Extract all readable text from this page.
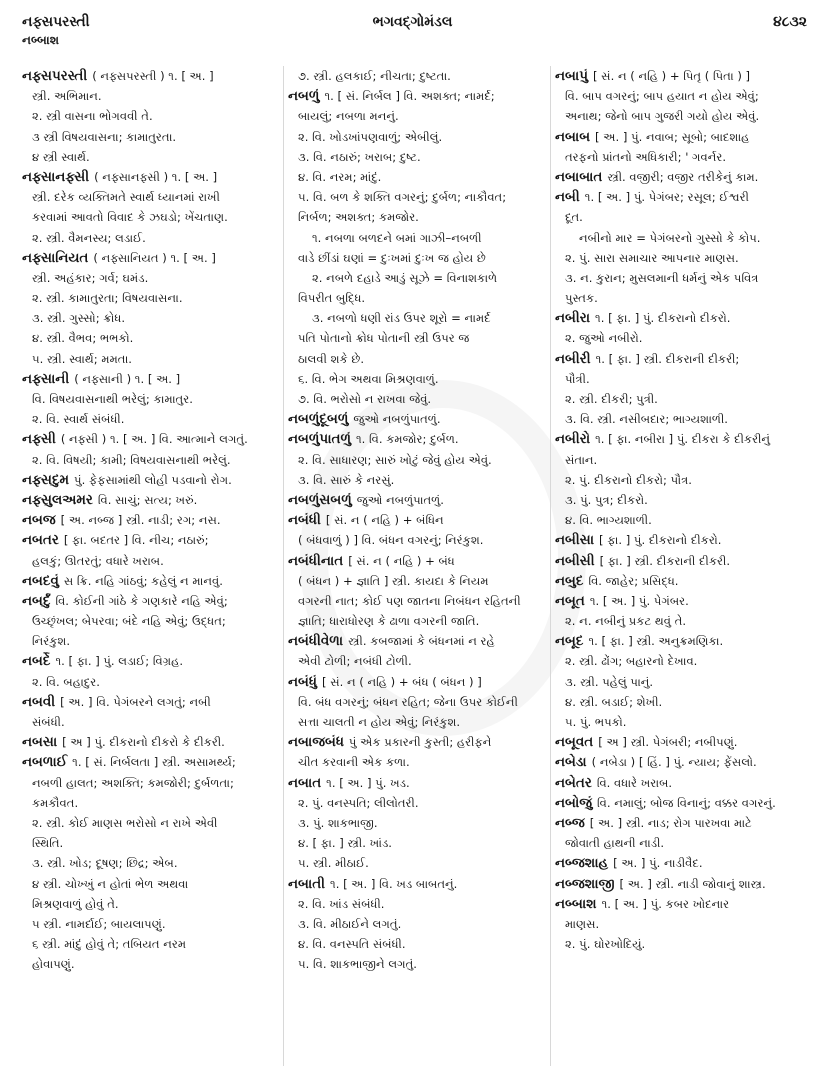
નફ્સપરસ્તી
નબ્બાશ
ભગવદ્ગોમંડલ	૪૮૩૨
નફ્સપરસ્તી ( નફ્સપરસ્તી ) ૧. [ અ. ]
સ્ત્રી. અભિમાન.
૨. સ્ત્રી વાસના ભોગવવી તે.
૩ સ્ત્રી વિષયવાસના; કામાતુરતા.
૪ સ્ત્રી સ્વાર્થ.
નફ્સાનફ્સી ( નફ્સાનફ્સી ) ૧. [ અ. ]
સ્ત્રી. દરેક વ્યક્તિમતે સ્વાર્થ ધ્યાનમાં રાખી
કરવામાં આવતો વિવાદ કે ઝઘડો; ખેંચતાણ.
૨. સ્ત્રી. વૈમનસ્ય; લડાઈ.
નફ્સાનિયત ( નફ્સાનિયત ) ૧. [ અ. ]
સ્ત્રી. અહંકાર; ગર્વ; ઘમંડ.
૨. સ્ત્રી. કામાતુરતા; વિષયવાસના.
૩. સ્ત્રી. ગુસ્સો; ક્રોધ.
૪. સ્ત્રી. વૈભવ; ભભકો.
૫. સ્ત્રી. સ્વાર્થ; મમતા.
નફ્સાની ( નફ્સાની ) ૧. [ અ. ]
વિ. વિષયવાસનાથી ભરેલું; કામાતુર.
૨. વિ. સ્વાર્થ સંબંધી.
નફ્સી ( નફ્સી ) ૧. [ અ. ] વિ. આત્માને લગતું.
૨. વિ. વિષયી; કામી; વિષયવાસનાથી ભરેલું.
નફ્સદુમ પું. ફેફસામાંથી લોહી પડવાનો રોગ.
નફ્સુલઅમર વિ. સાચું; સત્ય; ખરું.
નબજ [ અ. નબ્જ ] સ્ત્રી. નાડી; રગ; નસ.
નબતર [ ફા. બદતર ] વિ. નીચ; નઠારું;
હલકું; ઊતરતું; વધારે ખરાબ.
નબદવું સ ક્રિ. નહિ ગાંઠવું; કહેલું ન માનવું.
નબર્દું વિ. કોઈની ગાંઠે કે ગણકારે નહિ એવું;
ઉચ્છૃંખલ; બેપરવા; બંદે નહિ એવું; ઉદ્ધત;
નિરંકુશ.
નબર્દે ૧. [ ફા. ] પું. લડાઈ; વિગ્રહ.
૨. વિ. બહાદુર.
નબવી [ અ. ] વિ. પેગંબરને લગતું; નબી
સંબંધી.
નબસા [ અ ] પું. દીકરાનો દીકરો કે દીકરી.
નબળાઈ ૧. [ સં. નિર્બલતા ] સ્ત્રી. અસામર્થ્ય;
નબળી હાલત; અશક્તિ; કમજોરી; દુર્બળતા;
કમકૌવત.
૨. સ્ત્રી. કોઈ માણસ ભરોસો ન રાખે એવી
સ્થિતિ.
૩. સ્ત્રી. ખોડ; દૂષણ; છિદ્ર; એબ.
૪ સ્ત્રી. ચોખ્ખું ન હોતાં ભેળ અથવા
મિશ્રણવાળું હોવું તે.
૫ સ્ત્રી. નામર્દાઈ; બાયલાપણું.
૬ સ્ત્રી. માંદું હોવું તે; તબિયત નરમ
હોવાપણું.
૭. સ્ત્રી. હલકાઈ; નીચતા; દુષ્ટતા.
નબળું ૧. [ સં. નિર્બલ ] વિ. અશક્ત; નામર્દ;
બાયલું; નબળા મનનું.
૨. વિ. ખોડખાંપણવાળું; એબીલું.
૩. વિ. નઠારું; ખરાબ; દુષ્ટ.
૪. વિ. નરમ; માંદું.
૫. વિ. બળ કે શક્તિ વગરનું; દુર્બળ; નાકૌવત;
નિર્બળ; અશક્ત; કમજોર.
૧. નબળા બળદને બમાં ગાઝી–નબળી
વાડે છીંડાં ઘણાં = દુઃખમાં દુઃખ જ હોય છે
૨. નબળે દહાડે આડું સૂઝે = વિનાશકાળે
વિપરીત બુદ્ધિ.
૩. નબળો ધણી રાંડ ઉપર શૂરો = નામર્દ
પતિ પોતાનો ક્રોધ પોતાની સ્ત્રી ઉપર જ
ઠાલવી શકે છે.
૬. વિ. ભેગ અથવા મિશ્રણવાળું.
૭. વિ. ભરોસો ન રાખવા જેવું.
નબળુંદૂબળું જુઓ નબળુંપાતળું.
નબળુંપાતળું ૧. વિ. કમજોર; દુર્બળ.
૨. વિ. સાધારણ; સારું ખોટું જેવું હોય એવું.
૩. વિ. સારું કે નરસું.
નબળુંસબળું જુઓ નબળુંપાતળું.
નબંધી [ સં. ન ( નહિ ) + બંધિન
( બંધવાળું ) ] વિ. બંધન વગરનું; નિરંકુશ.
નબંધીનાત [ સં. ન ( નહિ ) + બંધ
( બંધન ) + જ્ઞાતિ ] સ્ત્રી. કાયદા કે નિયમ
વગરની નાત; કોઈ પણ જાતના નિબંધન રહિતની
જ્ઞાતિ; ધારાધોરણ કે ઢાળા વગરની જાતિ.
નબંધીવેળા સ્ત્રી. કબજામાં કે બંધનમાં ન રહે
એવી ટોળી; નબંધી ટોળી.
નબંધું [ સં. ન ( નહિ ) + બંધ ( બંધન ) ]
વિ. બંધ વગરનું; બંધન રહિત; જેના ઉપર કોઈની
સત્તા ચાલતી ન હોય એવું; નિરંકુશ.
નબાજબંધ પું એક પ્રકારની કુસ્તી; હરીફને
ચીત કરવાની એક કળા.
નબાત ૧. [ અ. ] પું. ખડ.
૨. પું. વનસ્પતિ; લીલોતરી.
૩. પું. શાકભાજી.
૪. [ ફા. ] સ્ત્રી. ખાંડ.
૫. સ્ત્રી. મીઠાઈ.
નબાતી ૧. [ અ. ] વિ. ખડ બાબતનું.
૨. વિ. ખાંડ સંબંધી.
૩. વિ. મીઠાઈને લગતું.
૪. વિ. વનસ્પતિ સંબંધી.
૫. વિ. શાકભાજીને લગતું.
નબાપું [ સં. ન ( નહિ ) + પિતૃ ( પિતા ) ]
વિ. બાપ વગરનું; બાપ હયાત ન હોય એવું;
અનાથ; જેનો બાપ ગુજરી ગયો હોય એવું.
નબાબ [ અ. ] પું. નવાબ; સૂબો; બાદશાહ
તરફનો પ્રાંતનો અધિકારી; ' ગવર્નર.
નબાબાત સ્ત્રી. વજીરી; વજીર તરીકેનું કામ.
નબી ૧. [ અ. ] પું. પેગંબર; રસૂલ; ઈશ્વરી
દૂત.
નબીનો માર = પેગંબરનો ગુસ્સો કે કોપ.
૨. પું. સારા સમાચાર આપનાર માણસ.
૩. ન. કુરાન; મુસલમાની ધર્મનું એક પવિત્ર
પુસ્તક.
નબીરા ૧. [ ફા. ] પું. દીકરાનો દીકરો.
૨. જુઓ નબીરો.
નબીરી ૧. [ ફા. ] સ્ત્રી. દીકરાની દીકરી;
પૌત્રી.
૨. સ્ત્રી. દીકરી; પુત્રી.
૩. વિ. સ્ત્રી. નસીબદાર; ભાગ્યશાળી.
નબીરો ૧. [ ફા. નબીરા ] પું. દીકરા કે દીકરીનું
સંતાન.
૨. પું. દીકરાનો દીકરો; પૌત્ર.
૩. પું. પુત્ર; દીકરો.
૪. વિ. ભાગ્યશાળી.
નબીસા [ ફા. ] પું. દીકરાનો દીકરો.
નબીસી [ ફા. ] સ્ત્રી. દીકરાની દીકરી.
નબુદ વિ. જાહેર; પ્રસિદ્ધ.
નબૂત ૧. [ અ. ] પું. પેગંબર.
૨. ન. નબીનું પ્રકટ થવું તે.
નબૂદ ૧. [ ફા. ] સ્ત્રી. અનુક્રમણિકા.
૨. સ્ત્રી. ઢોંગ; બહારનો દેખાવ.
૩. સ્ત્રી. પહેલું પાનું.
૪. સ્ત્રી. બડાઈ; શેખી.
૫. પું. ભપકો.
નબૂવત [ અ ] સ્ત્રી. પેગંબરી; નબીપણું.
નબેડા ( નબેડા ) [ હિં. ] પું. ન્યાય; ફેંસલો.
નબેતર વિ. વધારે ખરાબ.
નબોજું વિ. નમાલું; બોજ વિનાનું; વક્કર વગરનું.
નબ્જ [ અ. ] સ્ત્રી. નાડ; રોગ પારખવા માટે
જોવાતી હાથની નાડી.
નબ્જશાહ [ અ. ] પું. નાડીવૈદ.
નબ્જશાજી [ અ. ] સ્ત્રી. નાડી જોવાનું શાસ્ત્ર.
નબ્બાશ ૧. [ અ. ] પું. કબર ખોદનાર
માણસ.
૨. પું. ઘોરખોદિયું.
